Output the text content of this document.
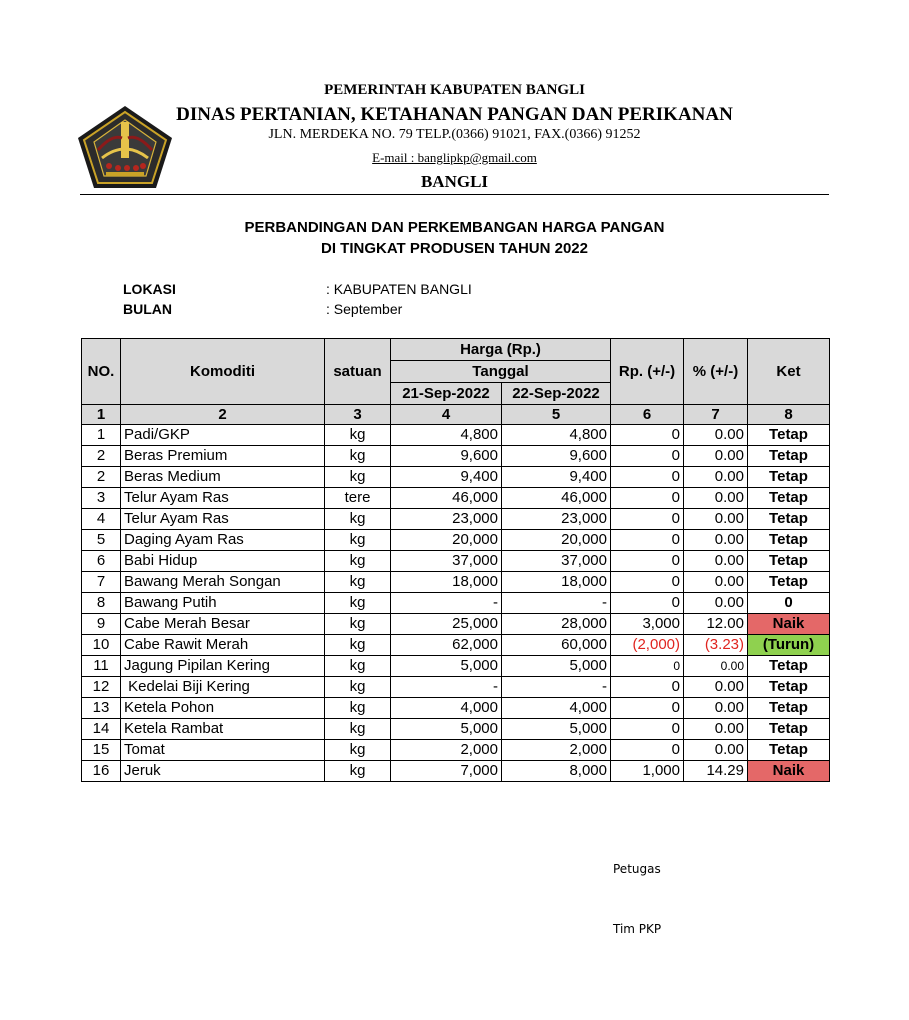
PEMERINTAH KABUPATEN BANGLI
DINAS PERTANIAN, KETAHANAN PANGAN DAN PERIKANAN
JLN. MERDEKA NO. 79 TELP.(0366) 91021, FAX.(0366) 91252
E-mail : banglipkp@gmail.com
BANGLI
PERBANDINGAN DAN PERKEMBANGAN HARGA PANGAN
DI TINGKAT PRODUSEN TAHUN 2022
LOKASI	: KABUPATEN BANGLI
BULAN	: September
NO.	Komoditi	satuan	Harga (Rp.)		Rp. (+/-)	% (+/-)	Ket
			Tanggal				
			21-Sep-2022	22-Sep-2022			
1	2	3	4	5	6	7	8
1	Padi/GKP	kg	4,800	4,800	0	0.00	Tetap
2	Beras Premium	kg	9,600	9,600	0	0.00	Tetap
2	Beras Medium	kg	9,400	9,400	0	0.00	Tetap
3	Telur Ayam Ras	tere	46,000	46,000	0	0.00	Tetap
4	Telur Ayam Ras	kg	23,000	23,000	0	0.00	Tetap
5	Daging Ayam Ras	kg	20,000	20,000	0	0.00	Tetap
6	Babi Hidup	kg	37,000	37,000	0	0.00	Tetap
7	Bawang Merah Songan	kg	18,000	18,000	0	0.00	Tetap
8	Bawang Putih	kg	-	-	0	0.00	0
9	Cabe Merah Besar	kg	25,000	28,000	3,000	12.00	Naik
10	Cabe Rawit Merah	kg	62,000	60,000	(2,000)	(3.23)	(Turun)
11	Jagung Pipilan Kering	kg	5,000	5,000	0	0.00	Tetap
12	Kedelai Biji Kering	kg	-	-	0	0.00	Tetap
13	Ketela Pohon	kg	4,000	4,000	0	0.00	Tetap
14	Ketela Rambat	kg	5,000	5,000	0	0.00	Tetap
15	Tomat	kg	2,000	2,000	0	0.00	Tetap
16	Jeruk	kg	7,000	8,000	1,000	14.29	Naik
Petugas
Tim PKP
